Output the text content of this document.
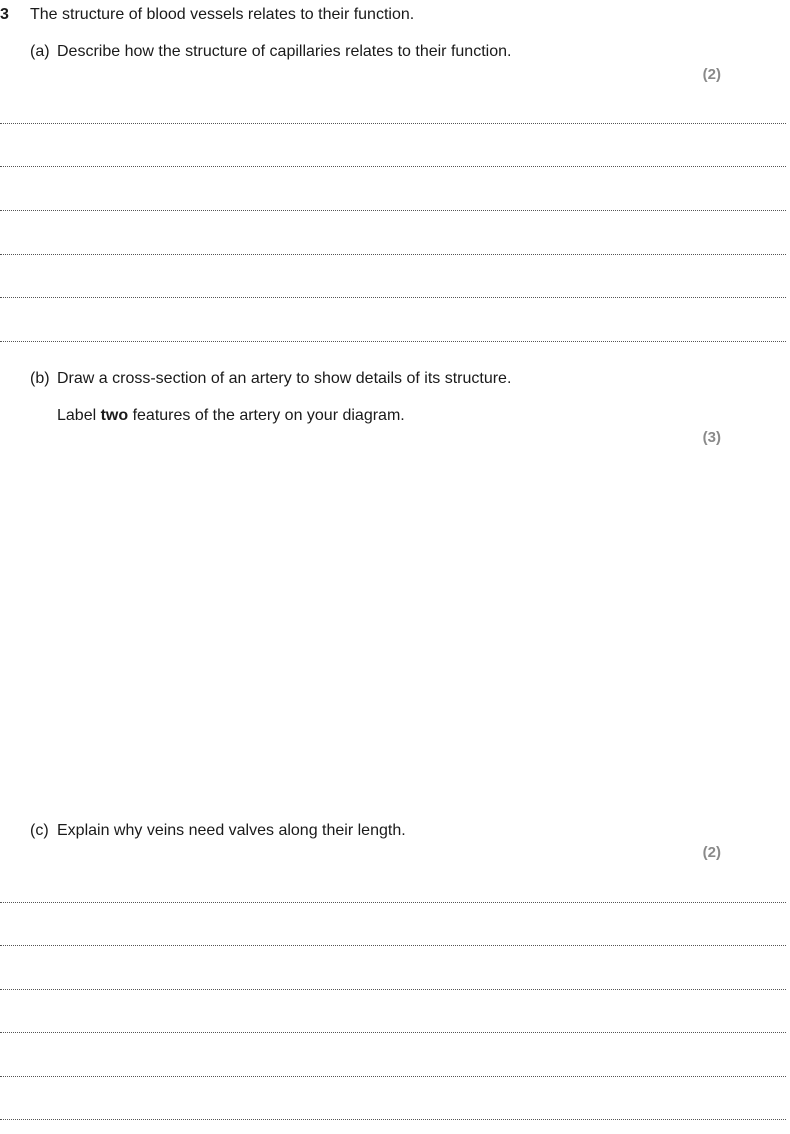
3 The structure of blood vessels relates to their function.
(a) Describe how the structure of capillaries relates to their function.
(2)
(b) Draw a cross-section of an artery to show details of its structure.
Label two features of the artery on your diagram.
(3)
(c) Explain why veins need valves along their length.
(2)
